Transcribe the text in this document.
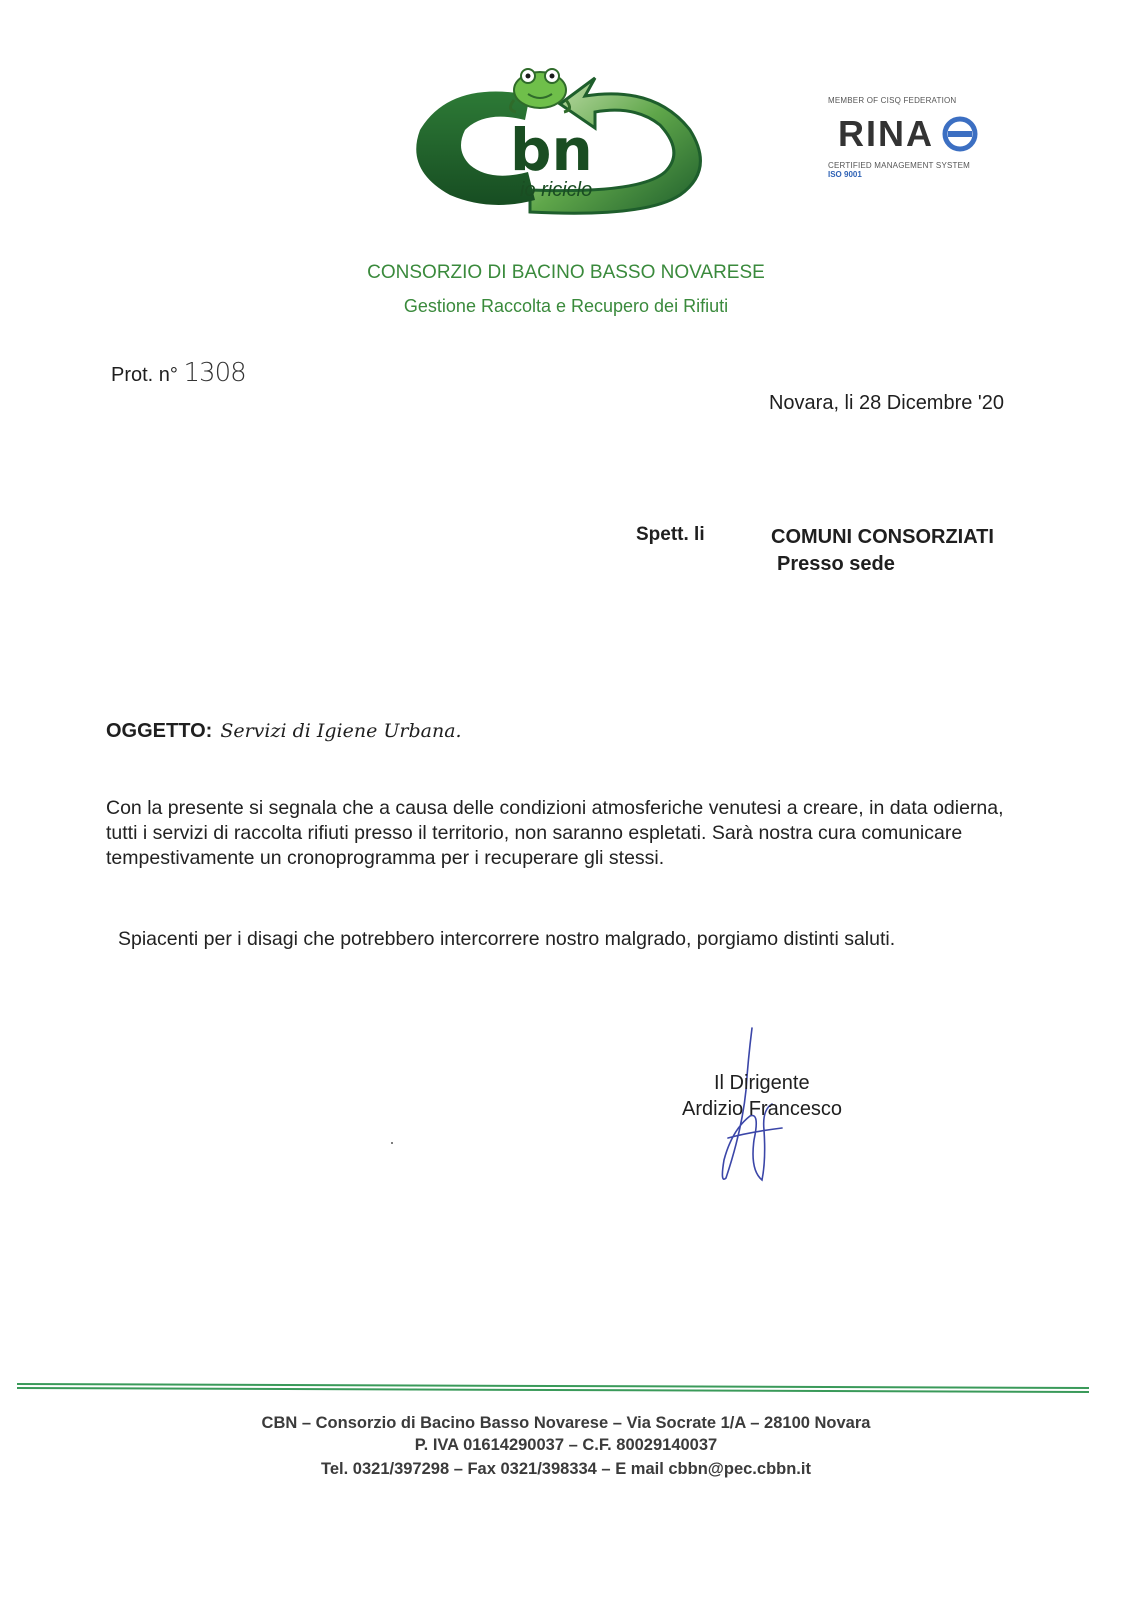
bn
io riciclo
MEMBER OF CISQ FEDERATION
RINA
CERTIFIED MANAGEMENT SYSTEM
ISO 9001
CONSORZIO DI BACINO BASSO NOVARESE
Gestione Raccolta e Recupero dei Rifiuti
Prot. n° 1308
Novara, li 28 Dicembre '20
Spett. li	COMUNI CONSORZIATI
Presso sede
OGGETTO: Servizi di Igiene Urbana.
Con la presente si segnala che a causa delle condizioni atmosferiche venutesi a creare, in data odierna, tutti i servizi di raccolta rifiuti presso il territorio, non saranno espletati. Sarà nostra cura comunicare tempestivamente un cronoprogramma per i recuperare gli stessi.
Spiacenti per i disagi che potrebbero intercorrere nostro malgrado, porgiamo distinti saluti.
Il Dirigente
Ardizio Francesco
CBN – Consorzio di Bacino Basso Novarese – Via Socrate 1/A – 28100 Novara
P. IVA 01614290037 – C.F. 80029140037
Tel. 0321/397298 – Fax 0321/398334 – E mail cbbn@pec.cbbn.it
